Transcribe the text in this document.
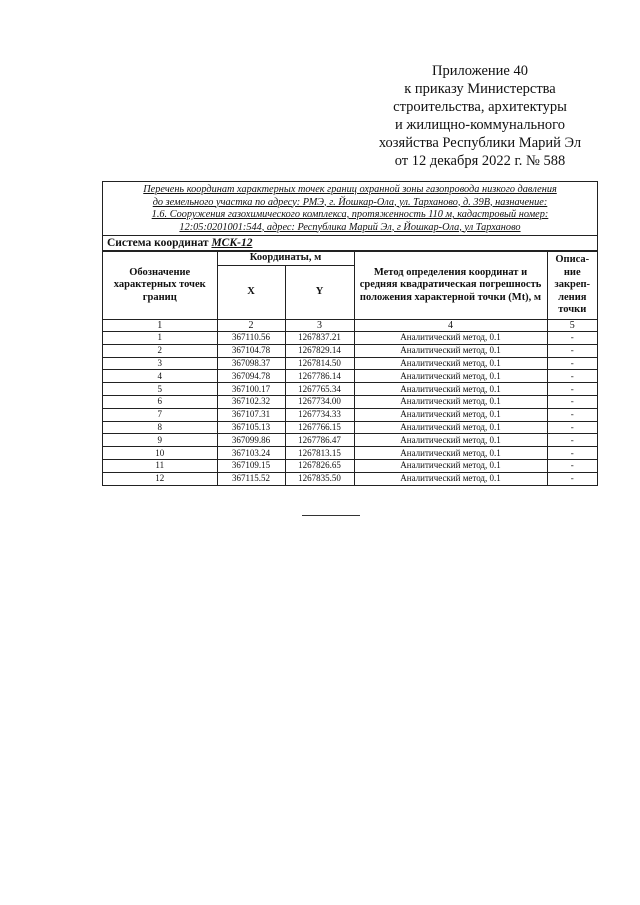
Приложение 40
к приказу Министерства
строительства, архитектуры
и жилищно-коммунального
хозяйства Республики Марий Эл
от 12 декабря 2022 г. № 588
Перечень координат характерных точек границ охранной зоны газопровода низкого давления
до земельного участка по адресу: РМЭ, г. Йошкар-Ола, ул. Тарханово, д. 39В, назначение:
1.6. Сооружения газохимического комплекса, протяженность 110 м, кадастровый номер:
12:05:0201001:544, адрес: Республика Марий Эл, г Йошкар-Ола, ул Тарханово
Система координат МСК-12
Обозначение характерных точек границ	Координаты, м		Метод определения координат и средняя квадратическая погрешность положения характерной точки (Mt), м	Описа-ние закреп-ления точки
	X	Y		
1	2	3	4	5
1	367110.56	1267837.21	Аналитический метод, 0.1	-
2	367104.78	1267829.14	Аналитический метод, 0.1	-
3	367098.37	1267814.50	Аналитический метод, 0.1	-
4	367094.78	1267786.14	Аналитический метод, 0.1	-
5	367100.17	1267765.34	Аналитический метод, 0.1	-
6	367102.32	1267734.00	Аналитический метод, 0.1	-
7	367107.31	1267734.33	Аналитический метод, 0.1	-
8	367105.13	1267766.15	Аналитический метод, 0.1	-
9	367099.86	1267786.47	Аналитический метод, 0.1	-
10	367103.24	1267813.15	Аналитический метод, 0.1	-
11	367109.15	1267826.65	Аналитический метод, 0.1	-
12	367115.52	1267835.50	Аналитический метод, 0.1	-
